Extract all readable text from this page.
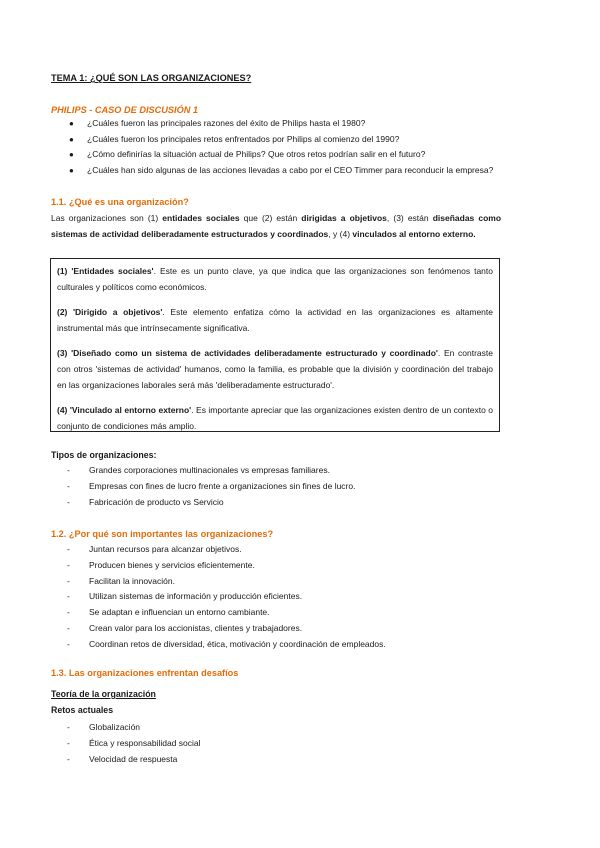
TEMA 1: ¿QUÉ SON LAS ORGANIZACIONES?

PHILIPS - CASO DE DISCUSIÓN 1

● ¿Cuáles fueron las principales razones del éxito de Philips hasta el 1980?
● ¿Cuáles fueron los principales retos enfrentados por Philips al comienzo del 1990?
● ¿Cómo definirías la situación actual de Philips? Que otros retos podrían salir en el futuro?
● ¿Cuáles han sido algunas de las acciones llevadas a cabo por el CEO Timmer para reconducir la empresa?

1.1. ¿Qué es una organización?

Las organizaciones son (1) entidades sociales que (2) están dirigidas a objetivos, (3) están diseñadas como sistemas de actividad deliberadamente estructurados y coordinados, y (4) vinculados al entorno externo.

(1) 'Entidades sociales'. Este es un punto clave, ya que indica que las organizaciones son fenómenos tanto culturales y políticos como económicos.

(2) 'Dirigido a objetivos'. Este elemento enfatiza cómo la actividad en las organizaciones es altamente instrumental más que intrínsecamente significativa.

(3) 'Diseñado como un sistema de actividades deliberadamente estructurado y coordinado'. En contraste con otros 'sistemas de actividad' humanos, como la familia, es probable que la división y coordinación del trabajo en las organizaciones laborales será más 'deliberadamente estructurado'.

(4) 'Vinculado al entorno externo'. Es importante apreciar que las organizaciones existen dentro de un contexto o conjunto de condiciones más amplio.

Tipos de organizaciones:

- Grandes corporaciones multinacionales vs empresas familiares.
- Empresas con fines de lucro frente a organizaciones sin fines de lucro.
- Fabricación de producto vs Servicio

1.2. ¿Por qué son importantes las organizaciones?

- Juntan recursos para alcanzar objetivos.
- Producen bienes y servicios eficientemente.
- Facilitan la innovación.
- Utilizan sistemas de información y producción eficientes.
- Se adaptan e influencian un entorno cambiante.
- Crean valor para los accionistas, clientes y trabajadores.
- Coordinan retos de diversidad, ética, motivación y coordinación de empleados.

1.3. Las organizaciones enfrentan desafíos

Teoría de la organización

Retos actuales

- Globalización
- Ética y responsabilidad social
- Velocidad de respuesta
